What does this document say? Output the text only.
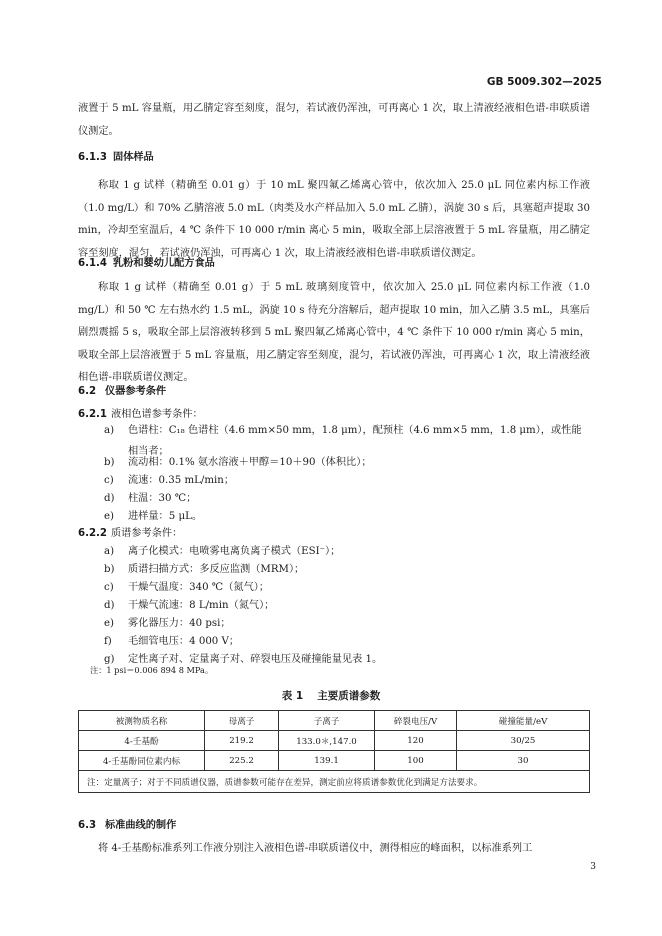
GB 5009.302—2025
液置于 5 mL 容量瓶，用乙腈定容至刻度，混匀，若试液仍浑浊，可再离心 1 次，取上清液经液相色谱-串联质谱仪测定。
6.1.3 固体样品
称取 1 g 试样（精确至 0.01 g）于 10 mL 聚四氟乙烯离心管中，依次加入 25.0 μL 同位素内标工作液（1.0 mg/L）和 70% 乙腈溶液 5.0 mL（肉类及水产样品加入 5.0 mL 乙腈），涡旋 30 s 后，具塞超声提取 30 min，冷却至室温后，4 ℃ 条件下 10 000 r/min 离心 5 min，吸取全部上层溶液置于 5 mL 容量瓶，用乙腈定容至刻度，混匀，若试液仍浑浊，可再离心 1 次，取上清液经液相色谱-串联质谱仪测定。
6.1.4 乳粉和婴幼儿配方食品
称取 1 g 试样（精确至 0.01 g）于 5 mL 玻璃刻度管中，依次加入 25.0 μL 同位素内标工作液（1.0 mg/L）和 50 ℃ 左右热水约 1.5 mL，涡旋 10 s 待充分溶解后，超声提取 10 min，加入乙腈 3.5 mL，具塞后剧烈震摇 5 s，吸取全部上层溶液转移到 5 mL 聚四氟乙烯离心管中，4 ℃ 条件下 10 000 r/min 离心 5 min，吸取全部上层溶液置于 5 mL 容量瓶，用乙腈定容至刻度，混匀，若试液仍浑浊，可再离心 1 次，取上清液经液相色谱-串联质谱仪测定。
6.2 仪器参考条件
6.2.1 液相色谱参考条件：
a)	色谱柱：C₁₈ 色谱柱（4.6 mm×50 mm，1.8 μm），配预柱（4.6 mm×5 mm，1.8 μm），或性能相当者；
b)	流动相：0.1% 氨水溶液＋甲醇＝10＋90（体积比）；
c)	流速：0.35 mL/min；
d)	柱温：30 ℃；
e)	进样量：5 μL。
6.2.2 质谱参考条件：
a)	离子化模式：电喷雾电离负离子模式（ESI⁻）；
b)	质谱扫描方式：多反应监测（MRM）；
c)	干燥气温度：340 ℃（氮气）；
d)	干燥气流速：8 L/min（氮气）；
e)	雾化器压力：40 psi；
f)	毛细管电压：4 000 V；
g)	定性离子对、定量离子对、碎裂电压及碰撞能量见表 1。
注：1 psi＝0.006 894 8 MPa。
表 1 主要质谱参数
被测物质名称	母离子	子离子	碎裂电压/V	碰撞能量/eV
4-壬基酚	219.2	133.0＊,147.0	120	30/25
4-壬基酚同位素内标	225.2	139.1	100	30
注：定量离子；对于不同质谱仪器，质谱参数可能存在差异，测定前应将质谱参数优化到满足方法要求。				
6.3 标准曲线的制作
将 4-壬基酚标准系列工作液分别注入液相色谱-串联质谱仪中，测得相应的峰面积，以标准系列工
3
